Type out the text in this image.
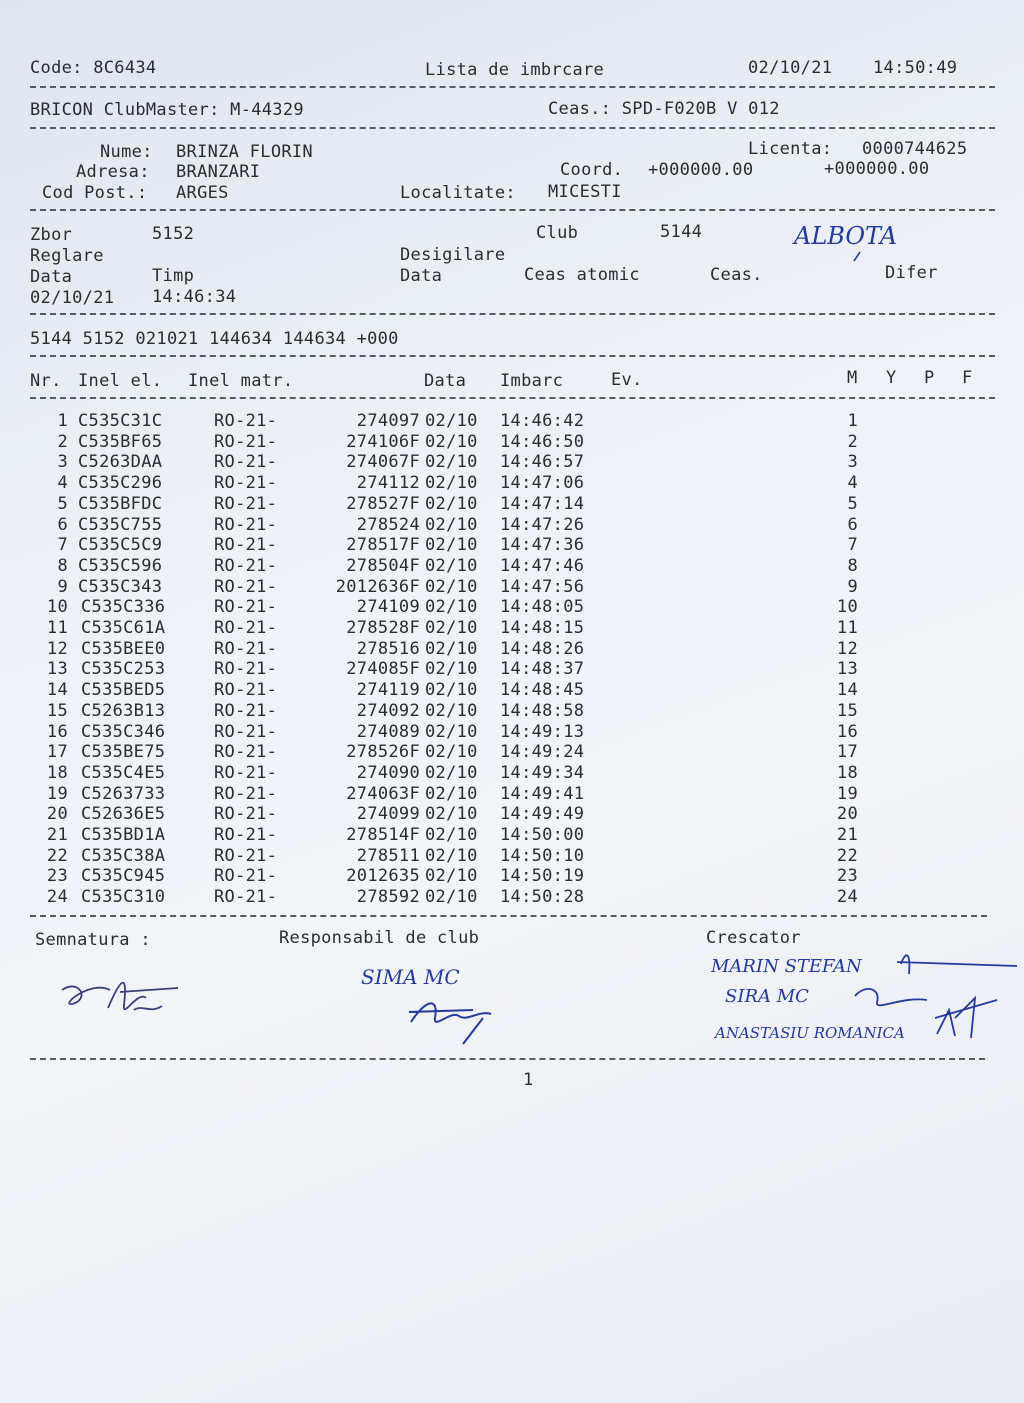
Code: 8C6434	Lista de imbrcare	02/10/21 14:50:49
BRICON ClubMaster: M-44329	Ceas.: SPD-F020B V 012
Nume: BRINZA FLORIN	Licenta: 0000744625
Adresa: BRANZARI	Coord. +000000.00	+000000.00
Cod Post.: ARGES	Localitate: MICESTI
Zbor	5152	Club	5144	ALBOTA
Reglare	Desigilare
Data	Timp	Data	Ceas atomic	Ceas.	Difer
02/10/21 14:46:34
5144 5152 021021 144634 144634 +000
Nr. Inel el. Inel matr.	Data Imbarc	Ev.	M Y P F
1 C535C31C	RO-21-	274097 02/10 14:46:42	1
2 C535BF65	RO-21-	274106F 02/10 14:46:50	2
3 C5263DAA	RO-21-	274067F 02/10 14:46:57	3
4 C535C296	RO-21-	274112 02/10 14:47:06	4
5 C535BFDC	RO-21-	278527F 02/10 14:47:14	5
6 C535C755	RO-21-	278524 02/10 14:47:26	6
7 C535C5C9	RO-21-	278517F 02/10 14:47:36	7
8 C535C596	RO-21-	278504F 02/10 14:47:46	8
9 C535C343	RO-21-	2012636F 02/10 14:47:56	9
10 C535C336	RO-21-	274109 02/10 14:48:05	10
11 C535C61A	RO-21-	278528F 02/10 14:48:15	11
12 C535BEE0	RO-21-	278516 02/10 14:48:26	12
13 C535C253	RO-21-	274085F 02/10 14:48:37	13
14 C535BED5	RO-21-	274119 02/10 14:48:45	14
15 C5263B13	RO-21-	274092 02/10 14:48:58	15
16 C535C346	RO-21-	274089 02/10 14:49:13	16
17 C535BE75	RO-21-	278526F 02/10 14:49:24	17
18 C535C4E5	RO-21-	274090 02/10 14:49:34	18
19 C5263733	RO-21-	274063F 02/10 14:49:41	19
20 C52636E5	RO-21-	274099 02/10 14:49:49	20
21 C535BD1A	RO-21-	278514F 02/10 14:50:00	21
22 C535C38A	RO-21-	278511 02/10 14:50:10	22
23 C535C945	RO-21-	2012635 02/10 14:50:19	23
24 C535C310	RO-21-	278592 02/10 14:50:28	24
Semnatura :	Responsabil de club	Crescator
SIMA MC	MARIN STEFAN
SIRA MC
ANASTASIU ROMANICA
1
